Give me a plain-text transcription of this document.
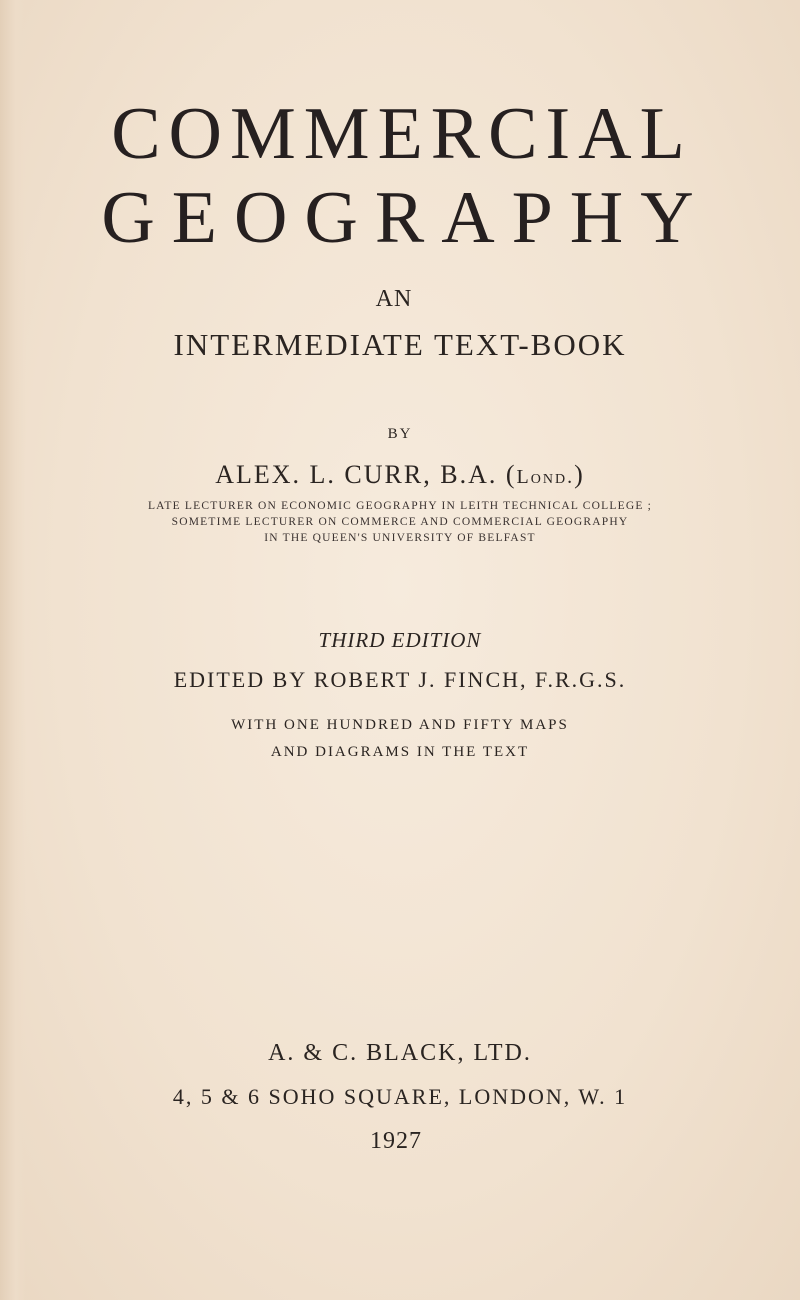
COMMERCIAL
GEOGRAPHY
AN
INTERMEDIATE TEXT-BOOK
BY
ALEX. L. CURR, B.A. (Lond.)
LATE LECTURER ON ECONOMIC GEOGRAPHY IN LEITH TECHNICAL COLLEGE ;
SOMETIME LECTURER ON COMMERCE AND COMMERCIAL GEOGRAPHY
IN THE QUEEN'S UNIVERSITY OF BELFAST
THIRD EDITION
EDITED BY ROBERT J. FINCH, F.R.G.S.
WITH ONE HUNDRED AND FIFTY MAPS
AND DIAGRAMS IN THE TEXT
A. & C. BLACK, LTD.
4, 5 & 6 SOHO SQUARE, LONDON, W. 1
1927
